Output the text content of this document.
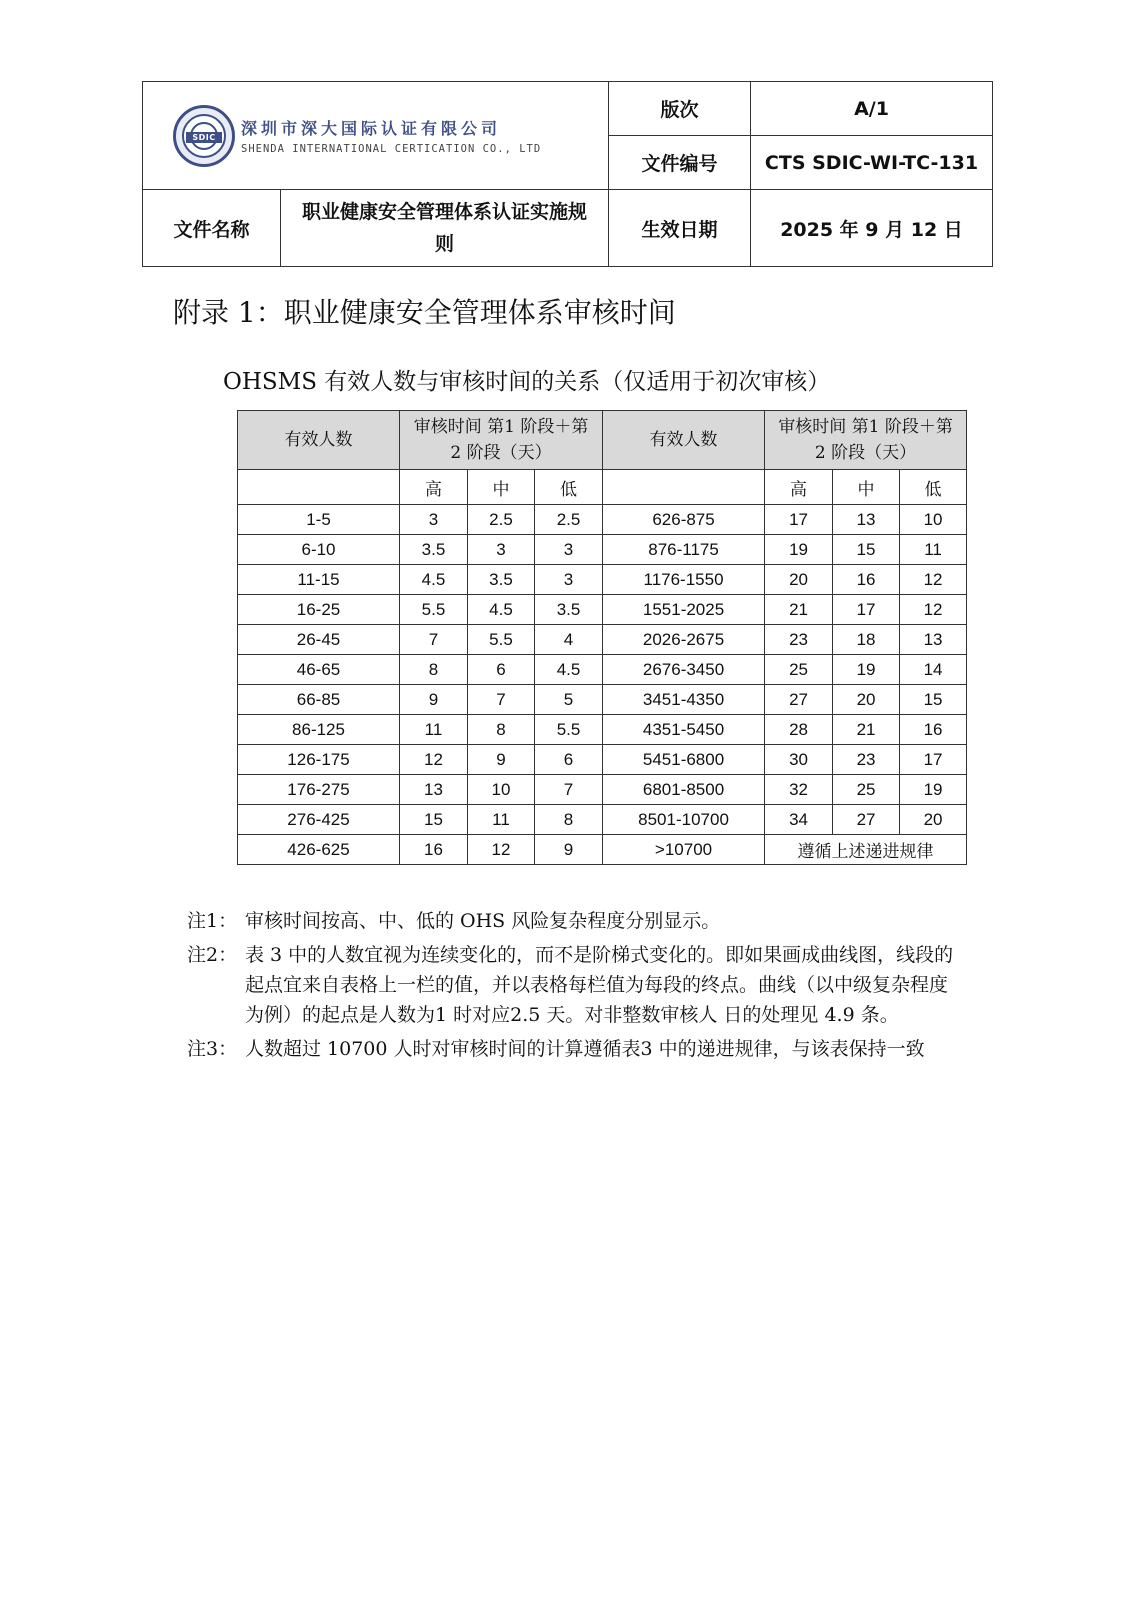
SDIC 深圳市深大国际认证有限公司
SHENDA INTERNATIONAL CERTICATION CO., LTD		版次	A/1
		文件编号	CTS SDIC-WI-TC-131
文件名称	职业健康安全管理体系认证实施规则	生效日期	2025 年 9 月 12 日
附录 1：职业健康安全管理体系审核时间
OHSMS 有效人数与审核时间的关系（仅适用于初次审核）
有效人数	审核时间 第1 阶段＋第2 阶段（天）			有效人数	审核时间 第1 阶段＋第2 阶段（天）		
	高	中	低		高	中	低
1-5	3	2.5	2.5	626-875	17	13	10
6-10	3.5	3	3	876-1175	19	15	11
11-15	4.5	3.5	3	1176-1550	20	16	12
16-25	5.5	4.5	3.5	1551-2025	21	17	12
26-45	7	5.5	4	2026-2675	23	18	13
46-65	8	6	4.5	2676-3450	25	19	14
66-85	9	7	5	3451-4350	27	20	15
86-125	11	8	5.5	4351-5450	28	21	16
126-175	12	9	6	5451-6800	30	23	17
176-275	13	10	7	6801-8500	32	25	19
276-425	15	11	8	8501-10700	34	27	20
426-625	16	12	9	>10700	遵循上述递进规律		
注1： 审核时间按高、中、低的 OHS 风险复杂程度分别显示。
注2： 表 3 中的人数宜视为连续变化的，而不是阶梯式变化的。即如果画成曲线图，线段的起点宜来自表格上一栏的值，并以表格每栏值为每段的终点。曲线（以中级复杂程度为例）的起点是人数为1 时对应2.5 天。对非整数审核人 日的处理见 4.9 条。
注3： 人数超过 10700 人时对审核时间的计算遵循表3 中的递进规律，与该表保持一致
